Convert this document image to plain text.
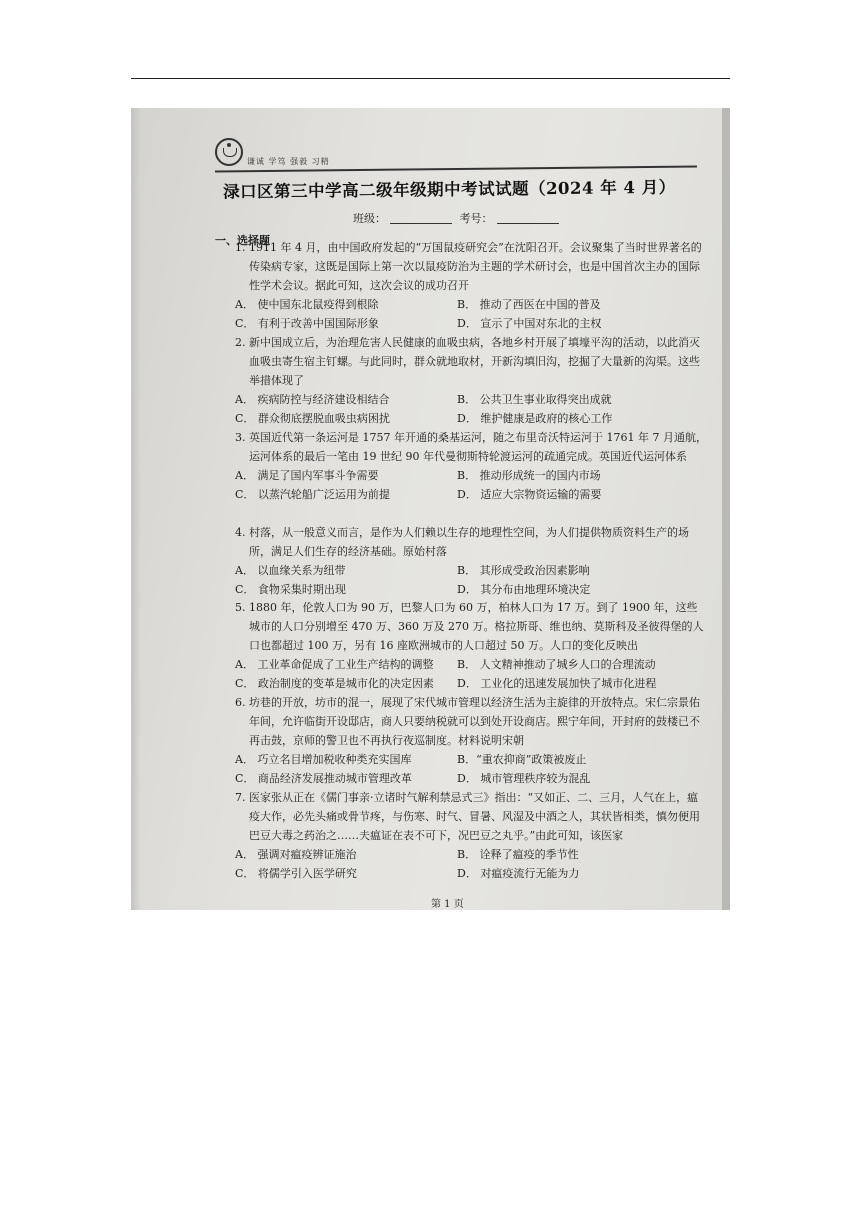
谦诚 学笃 强毅 习精
渌口区第三中学高二级年级期中考试试题（2024 年 4 月）
班级：	考号：
一、选择题
1. 1911 年 4 月，由中国政府发起的“万国鼠疫研究会”在沈阳召开。会议聚集了当时世界著名的传染病专家，这既是国际上第一次以鼠疫防治为主题的学术研讨会，也是中国首次主办的国际性学术会议。据此可知，这次会议的成功召开
A． 使中国东北鼠疫得到根除	B． 推动了西医在中国的普及
C． 有利于改善中国国际形象	D． 宣示了中国对东北的主权
2. 新中国成立后，为治理危害人民健康的血吸虫病，各地乡村开展了填壕平沟的活动，以此消灭血吸虫寄生宿主钉螺。与此同时，群众就地取材，开新沟填旧沟，挖掘了大量新的沟渠。这些举措体现了
A． 疾病防控与经济建设相结合	B． 公共卫生事业取得突出成就
C． 群众彻底摆脱血吸虫病困扰	D． 维护健康是政府的核心工作
3. 英国近代第一条运河是 1757 年开通的桑基运河，随之布里奇沃特运河于 1761 年 7 月通航，运河体系的最后一笔由 19 世纪 90 年代曼彻斯特轮渡运河的疏通完成。英国近代运河体系
A． 满足了国内军事斗争需要	B． 推动形成统一的国内市场
C． 以蒸汽轮船广泛运用为前提	D． 适应大宗物资运输的需要
4. 村落，从一般意义而言，是作为人们赖以生存的地理性空间，为人们提供物质资料生产的场所，满足人们生存的经济基础。原始村落
A． 以血缘关系为纽带	B． 其形成受政治因素影响
C． 食物采集时期出现	D． 其分布由地理环境决定
5. 1880 年，伦敦人口为 90 万，巴黎人口为 60 万，柏林人口为 17 万。到了 1900 年，这些城市的人口分别增至 470 万、360 万及 270 万。格拉斯哥、维也纳、莫斯科及圣彼得堡的人口也都超过 100 万，另有 16 座欧洲城市的人口超过 50 万。人口的变化反映出
A． 工业革命促成了工业生产结构的调整 B． 人文精神推动了城乡人口的合理流动
C． 政治制度的变革是城市化的决定因素 D． 工业化的迅速发展加快了城市化进程
6. 坊巷的开放，坊市的混一，展现了宋代城市管理以经济生活为主旋律的开放特点。宋仁宗景佑年间，允许临街开设邸店，商人只要纳税就可以到处开设商店。熙宁年间，开封府的鼓楼已不再击鼓，京师的警卫也不再执行夜巡制度。材料说明宋朝
A． 巧立名目增加税收种类充实国库	B．“重农抑商”政策被废止
C． 商品经济发展推动城市管理改革	D． 城市管理秩序较为混乱
7. 医家张从正在《儒门事亲·立诸时气解利禁忌式三》指出：“又如正、二、三月，人气在上，瘟疫大作，必先头痛或骨节疼，与伤寒、时气、冒暑、风湿及中酒之人，其状皆相类，慎勿便用巴豆大毒之药治之……夫瘟证在表不可下，况巴豆之丸乎。”由此可知，该医家
A． 强调对瘟疫辨证施治	B． 诠释了瘟疫的季节性
C． 将儒学引入医学研究	D． 对瘟疫流行无能为力
第 1 页
